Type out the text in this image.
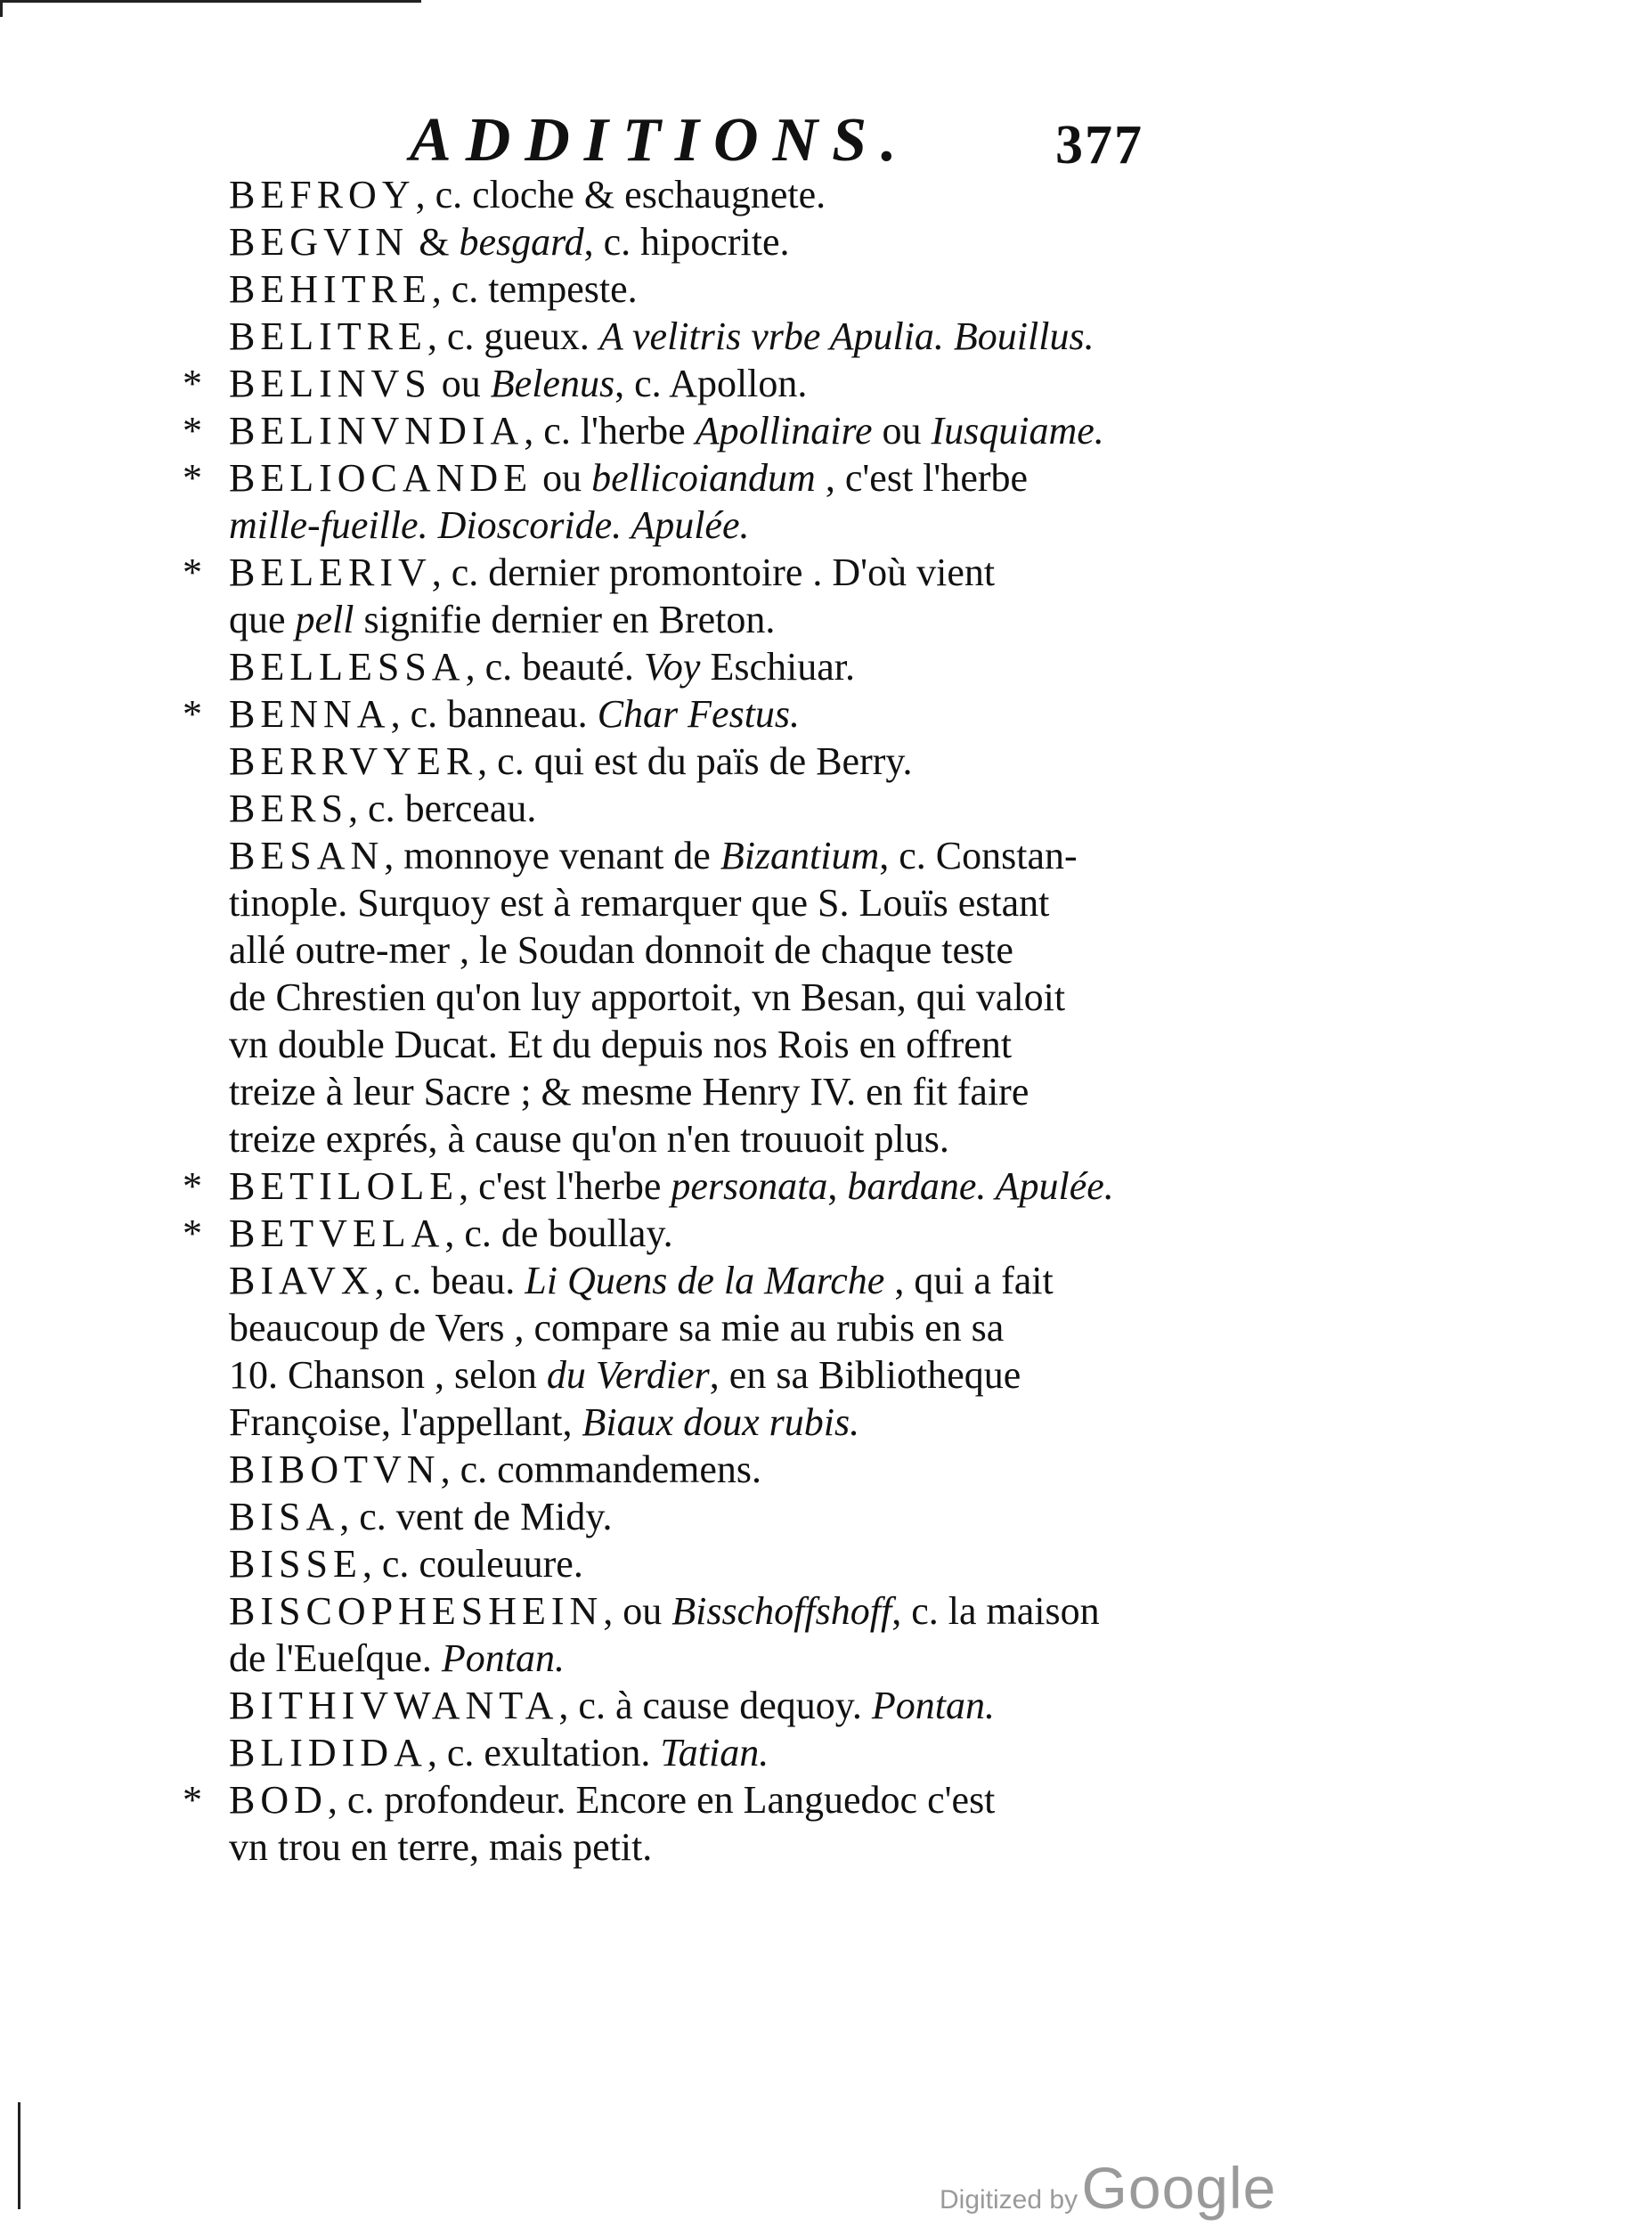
ADDITIONS.	377
BEFROY, c. cloche & eschaugnete.
BEGVIN & besgard, c. hipocrite.
BEHITRE, c. tempeste.
BELITRE, c. gueux. A velitris vrbe Apulia. Bouillus.
* BELINVS ou Belenus, c. Apollon.
* BELINVNDIA, c. l'herbe Apollinaire ou Iusquiame.
* BELIOCANDE ou bellicoiandum , c'est l'herbe
mille-fueille. Dioscoride. Apulée.
* BELERIV, c. dernier promontoire . D'où vient
que pell signifie dernier en Breton.
BELLESSA, c. beauté. Voy Eschiuar.
* BENNA, c. banneau. Char Festus.
BERRVYER, c. qui est du païs de Berry.
BERS, c. berceau.
BESAN, monnoye venant de Bizantium, c. Constan-
tinople. Surquoy est à remarquer que S. Louïs estant
allé outre-mer , le Soudan donnoit de chaque teste
de Chrestien qu'on luy apportoit, vn Besan, qui valoit
vn double Ducat. Et du depuis nos Rois en offrent
treize à leur Sacre ; & mesme Henry IV. en fit faire
treize exprés, à cause qu'on n'en trouuoit plus.
* BETILOLE, c'est l'herbe personata, bardane. Apulée.
* BETVELA, c. de boullay.
BIAVX, c. beau. Li Quens de la Marche , qui a fait
beaucoup de Vers , compare sa mie au rubis en sa
10. Chanson , selon du Verdier, en sa Bibliotheque
Françoise, l'appellant, Biaux doux rubis.
BIBOTVN, c. commandemens.
BISA, c. vent de Midy.
BISSE, c. couleuure.
BISCOPHESHEIN, ou Bisschoffshoff, c. la maison
de l'Eueſque. Pontan.
BITHIVWANTA, c. à cause dequoy. Pontan.
BLIDIDA, c. exultation. Tatian.
* BOD, c. profondeur. Encore en Languedoc c'est
vn trou en terre, mais petit.
Digitized by Google
